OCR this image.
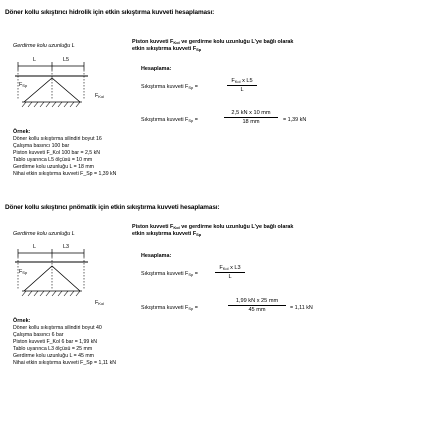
Döner kollu sıkıştırıcı hidrolik için etkin sıkıştırma kuvveti hesaplaması:
Gerdirme kolu uzunluğu L
L	L5
$F_{Sp}$
$F_{Kol}$
Piston kuvveti $F_{Kol}$ ve gerdirme kolu uzunluğu L'ye bağlı olarak
etkin sıkıştırma kuvveti $F_{Sp}$
Hesaplama:
Sıkıştırma kuvveti $F_{Sp}$ =
$F_{Kol}$ x L5
L
Sıkıştırma kuvveti $F_{Sp}$ =	$\frac{\text{2,5 kN x 10 mm}}{18 mm} = 1,39$ kN
Örnek:
Döner kollu sıkıştırma silindiri boyut 16
Çalışma basıncı 100 bar
Piston kuvveti F_Kol 100 bar = 2,5 kN
Tablo uyarınca L5 ölçüsü = 10 mm
Gerdirme kolu uzunluğu L = 18 mm
Nihai etkin sıkıştırma kuvveti F_Sp = 1,39 kN
Döner kollu sıkıştırıcı pnömatik için etkin sıkıştırma kuvveti hesaplaması:
Gerdirme kolu uzunluğu L
L	L3
$F_{Sp}$
$F_{Kol}$
Piston kuvveti $F_{Kol}$ ve gerdirme kolu uzunluğu L'ye bağlı olarak
etkin sıkıştırma kuvveti $F_{Sp}$
Hesaplama:
Sıkıştırma kuvveti $F_{Sp}$ =
$F_{Kol}$ x L3
L
Sıkıştırma kuvveti $F_{Sp}$ =	$\frac{\text{1,99 kN x 25 mm}}{45 mm} = 1,11$ kN
Örnek:
Döner kollu sıkıştırma silindiri boyut 40
Çalışma basıncı 6 bar
Piston kuvveti F_Kol 6 bar = 1,99 kN
Tablo uyarınca L3 ölçüsü = 25 mm
Gerdirme kolu uzunluğu L = 45 mm
Nihai etkin sıkıştırma kuvveti F_Sp = 1,11 kN
